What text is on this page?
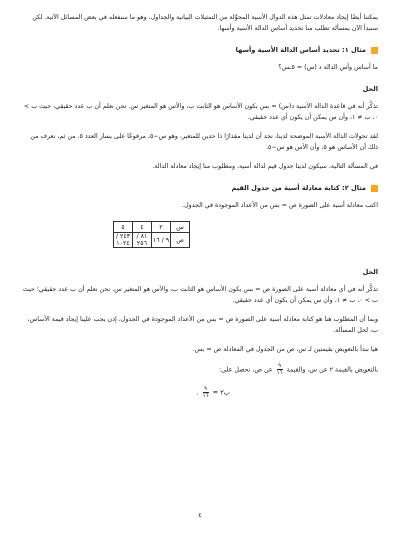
يمكننا أيضًا إيجاد معادلات تمثل هذه الدوال الأسية المحوَّلة من التمثيلات البيانية والجداول، وهو ما سنفعله في بعض المسائل الآتية. لكن سنبدأ الآن بمسألة تطلب منا تحديد أساس الدالة الأسية وأسها.

مثال ١: تحديد أساس الدالة الأسية وأسها

ما أساس وأس الدالة د (س) = ٥ـس؟

الحل

تذكَّر أنه في قاعدة الدالة الأسية د(س) = بس يكون الأساس هو الثابت ب، والأس هو المتغير س. نحن نعلم أن ب عدد حقيقي، حيث ب > ٠، ب ≠ ١، وأن س يمكن أن يكون أي عدد حقيقي.

لقد تحولات الدالة الأسية الموضحة لدينا، نجد أن لدينا مقدارًا ذا حدين للمتغير، وهو س−٥، مرفوعًا على يسار العدد ٥. من ثم، نعرف من ذلك أن الأساس هو ٥، وأن الأس هو س−٥.

في المسألة التالية، سيكون لدينا جدول قيم لدالة أسية، ومطلوب منا إيجاد معادلة الدالة.

مثال ٢: كتابة معادلة أسية من جدول القيم

اكتب معادلة أسية على الصورة ص = بس من الأعداد الموجودة في الجدول.

س	٢	٤	٥
ص	٩ / ١٦	٨١ / ٢٥٦	٢٤٣ / ١٠٢٤

الحل

تذكَّر أنه في أي معادلة أسية على الصورة ص = بس يكون الأساس هو الثابت ب، والأس هو المتغير س. نحن نعلم أن ب عدد حقيقي؛ حيث ب > ٠، ب ≠ ١، وأن س يمكن أن يكون أي عدد حقيقي.

وبما أن المطلوب هنا هو كتابة معادلة أسية على الصورة ص = بس من الأعداد الموجودة في الجدول، إذن يجب علينا إيجاد قيمة الأساس، ب، لحل المسألة.

هيا نبدأ بالتعويض بقيمتين لـ س، ص من الجدول في المعادلة ص = بس.

بالتعويض بالقيمة ٢ عن س، والقيمة
$\frac{٩}{١٦}$
عن ص، نحصل على:

ب٢ =
$\frac{٩}{١٦}$
.

٤
